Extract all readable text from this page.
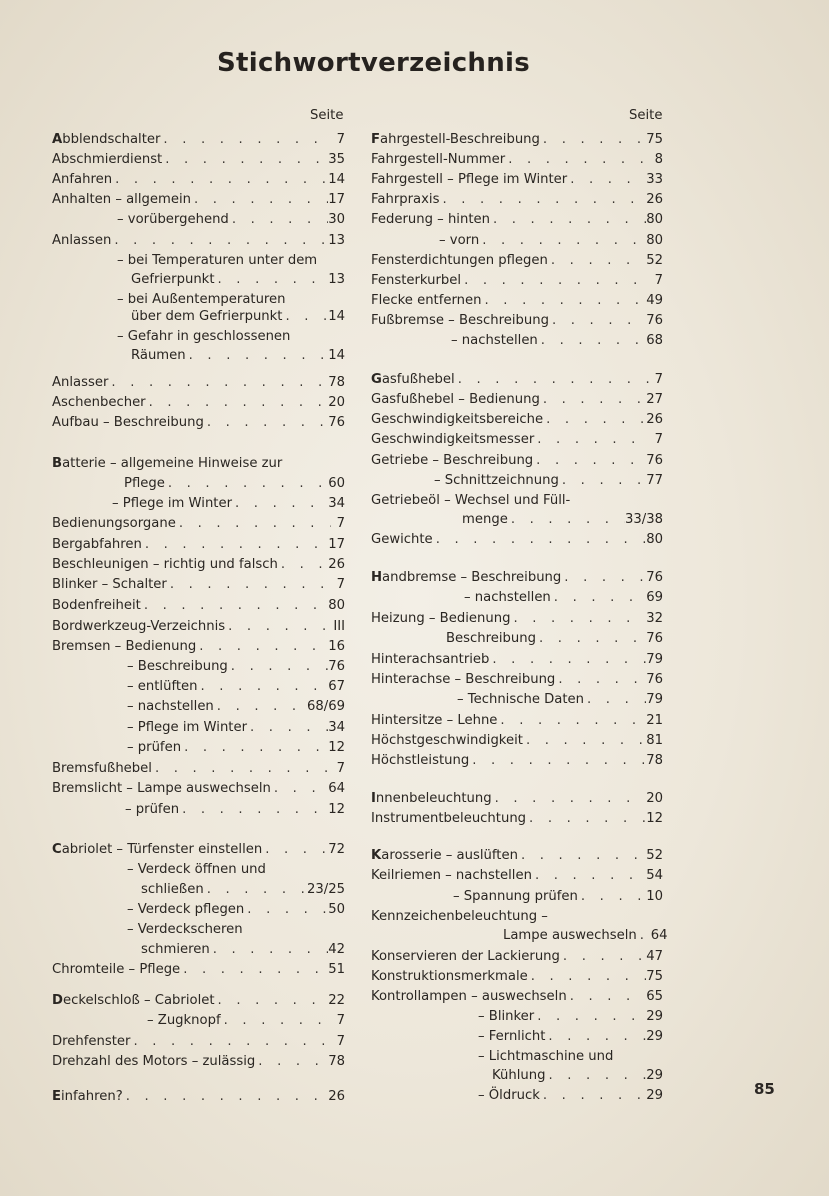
Stichwortverzeichnis
Seite	Seite
Abblendschalter . . .	7
Abschmierdienst . . .	35
Anfahren . . .	14
Anhalten – allgemein . . .	17
– vorübergehend . . .	30
Anlassen . . .	13
– bei Temperaturen unter dem
Gefrierpunkt . . .	13
– bei Außentemperaturen
über dem Gefrierpunkt . . .	14
– Gefahr in geschlossenen
Räumen . . .	14
Anlasser . . .	78
Aschenbecher . . .	20
Aufbau – Beschreibung . . .	76
Batterie – allgemeine Hinweise zur
Pflege . . .	60
– Pflege im Winter . . .	34
Bedienungsorgane . . .	7
Bergabfahren . . .	17
Beschleunigen – richtig und falsch . . .	26
Blinker – Schalter . . .	7
Bodenfreiheit . . .	80
Bordwerkzeug-Verzeichnis . . .	III
Bremsen – Bedienung . . .	16
– Beschreibung . . .	76
– entlüften . . .	67
– nachstellen . . .	68/69
– Pflege im Winter . . .	34
– prüfen . . .	12
Bremsfußhebel . . .	7
Bremslicht – Lampe auswechseln . . .	64
– prüfen . . .	12
Cabriolet – Türfenster einstellen . . .	72
– Verdeck öffnen und
schließen . . .	23/25
– Verdeck pflegen . . .	50
– Verdeckscheren
schmieren . . .	42
Chromteile – Pflege . . .	51
Deckelschloß – Cabriolet . . .	22
– Zugknopf . . .	7
Drehfenster . . .	7
Drehzahl des Motors – zulässig . . .	78
Einfahren? . . .	26
Fahrgestell-Beschreibung . . .	75
Fahrgestell-Nummer . . .	8
Fahrgestell – Pflege im Winter . . .	33
Fahrpraxis . . .	26
Federung – hinten . . .	80
– vorn . . .	80
Fensterdichtungen pflegen . . .	52
Fensterkurbel . . .	7
Flecke entfernen . . .	49
Fußbremse – Beschreibung . . .	76
– nachstellen . . .	68
Gasfußhebel . . .	7
Gasfußhebel – Bedienung . . .	27
Geschwindigkeitsbereiche . . .	26
Geschwindigkeitsmesser . . .	7
Getriebe – Beschreibung . . .	76
– Schnittzeichnung . . .	77
Getriebeöl – Wechsel und Füll-
menge . . .	33/38
Gewichte . . .	80
Handbremse – Beschreibung . . .	76
– nachstellen . . .	69
Heizung – Bedienung . . .	32
Beschreibung . . .	76
Hinterachsantrieb . . .	79
Hinterachse – Beschreibung . . .	76
– Technische Daten . . .	79
Hintersitze – Lehne . . .	21
Höchstgeschwindigkeit . . .	81
Höchstleistung . . .	78
Innenbeleuchtung . . .	20
Instrumentbeleuchtung . . .	12
Karosserie – auslüften . . .	52
Keilriemen – nachstellen . . .	54
– Spannung prüfen . . .	10
Kennzeichenbeleuchtung –
Lampe auswechseln . . . 64
Konservieren der Lackierung . . .	47
Konstruktionsmerkmale . . .	75
Kontrollampen – auswechseln . . .	65
– Blinker . . .	29
– Fernlicht . . .	29
– Lichtmaschine und
Kühlung . . .	29
– Öldruck . . .	29	85
